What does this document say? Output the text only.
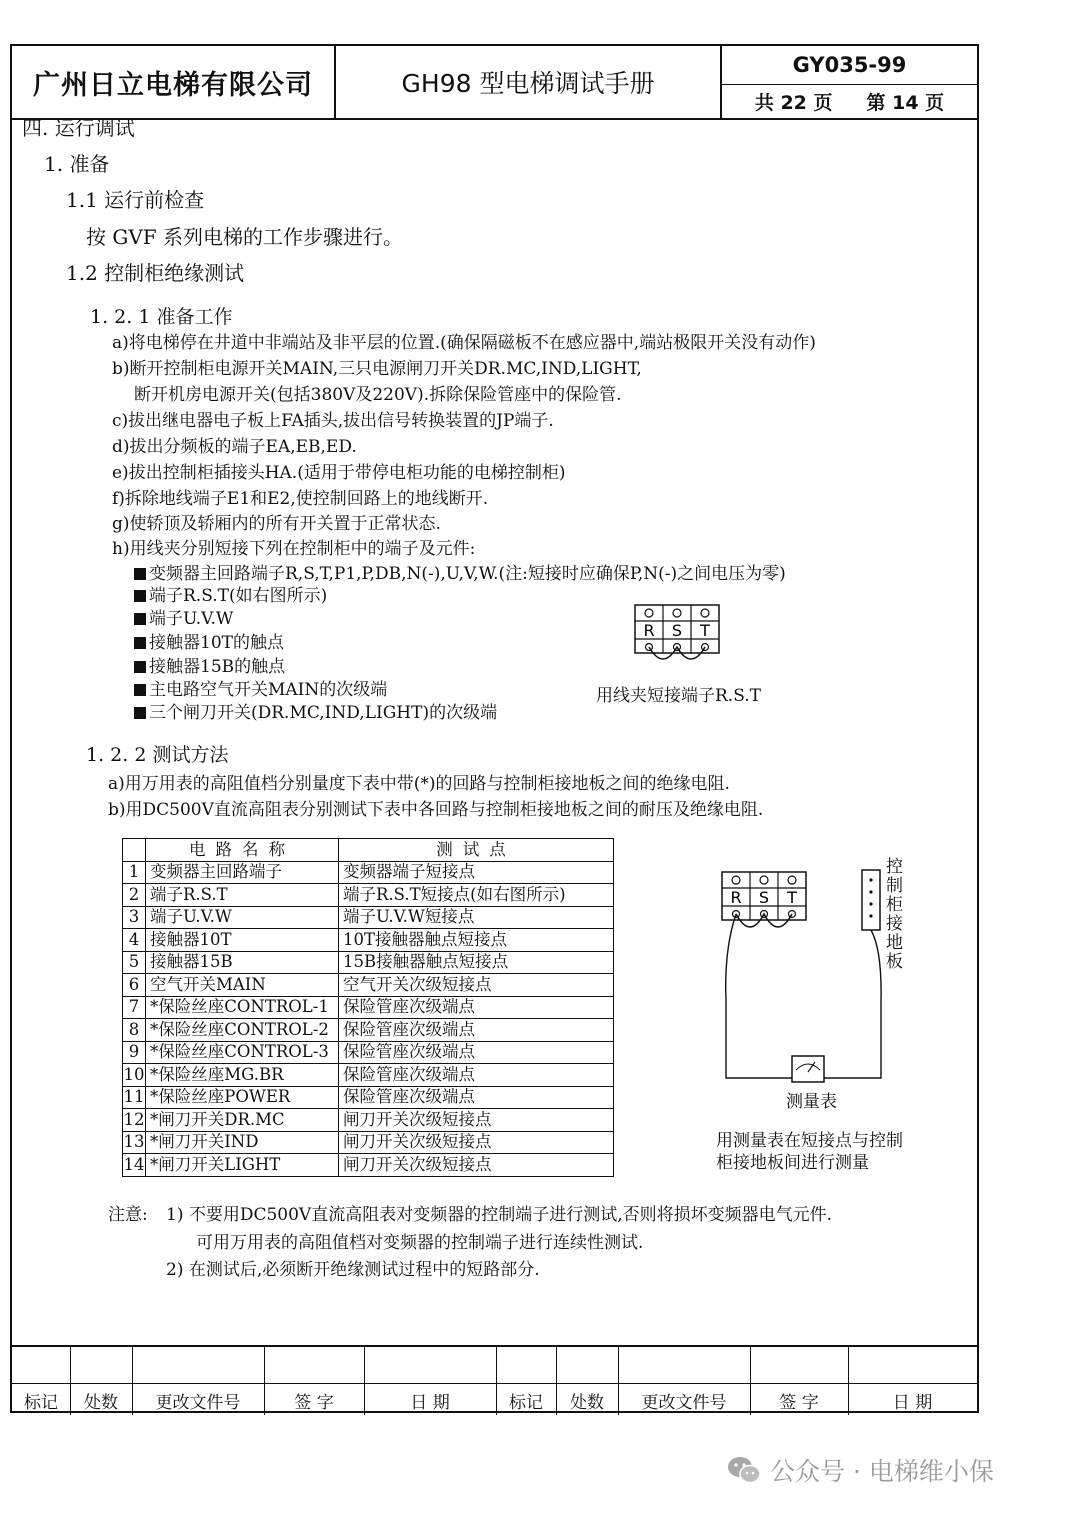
广州日立电梯有限公司	GH98 型电梯调试手册
GY035-99
共 22 页 第 14 页
标记	处数	更改文件号	签 字	日 期	标记	处数	更改文件号	签 字	日 期
四. 运行调试
1. 准备
1.1 运行前检查
按 GVF 系列电梯的工作步骤进行。
1.2 控制柜绝缘测试
1. 2. 1 准备工作
a)将电梯停在井道中非端站及非平层的位置.(确保隔磁板不在感应器中,端站极限开关没有动作)
b)断开控制柜电源开关MAIN,三只电源闸刀开关DR.MC,IND,LIGHT,
断开机房电源开关(包括380V及220V).拆除保险管座中的保险管.
c)拔出继电器电子板上FA插头,拔出信号转换装置的JP端子.
d)拔出分频板的端子EA,EB,ED.
e)拔出控制柜插接头HA.(适用于带停电柜功能的电梯控制柜)
f)拆除地线端子E1和E2,使控制回路上的地线断开.
g)使轿顶及轿厢内的所有开关置于正常状态.
h)用线夹分别短接下列在控制柜中的端子及元件:
变频器主回路端子R,S,T,P1,P,DB,N(-),U,V,W.(注:短接时应确保P,N(-)之间电压为零)
端子R.S.T(如右图所示)
端子U.V.W
接触器10T的触点
接触器15B的触点
主电路空气开关MAIN的次级端
三个闸刀开关(DR.MC,IND,LIGHT)的次级端
R S T
用线夹短接端子R.S.T
1. 2. 2 测试方法
a)用万用表的高阻值档分别量度下表中带(*)的回路与控制柜接地板之间的绝缘电阻.
b)用DC500V直流高阻表分别测试下表中各回路与控制柜接地板之间的耐压及绝缘电阻.
	电路名称	测试点
1	变频器主回路端子	变频器端子短接点
2	端子R.S.T	端子R.S.T短接点(如右图所示)
3	端子U.V.W	端子U.V.W短接点
4	接触器10T	10T接触器触点短接点
5	接触器15B	15B接触器触点短接点
6	空气开关MAIN	空气开关次级短接点
7	*保险丝座CONTROL-1	保险管座次级端点
8	*保险丝座CONTROL-2	保险管座次级端点
9	*保险丝座CONTROL-3	保险管座次级端点
10	*保险丝座MG.BR	保险管座次级端点
11	*保险丝座POWER	保险管座次级端点
12	*闸刀开关DR.MC	闸刀开关次级短接点
13	*闸刀开关IND	闸刀开关次级短接点
14	*闸刀开关LIGHT	闸刀开关次级短接点
R S T
控制柜接地板
测量表
用测量表在短接点与控制
柜接地板间进行测量
注意: 1) 不要用DC500V直流高阻表对变频器的控制端子进行测试,否则将损坏变频器电气元件.
可用万用表的高阻值档对变频器的控制端子进行连续性测试.
2) 在测试后,必须断开绝缘测试过程中的短路部分.
公众号 · 电梯维小保
